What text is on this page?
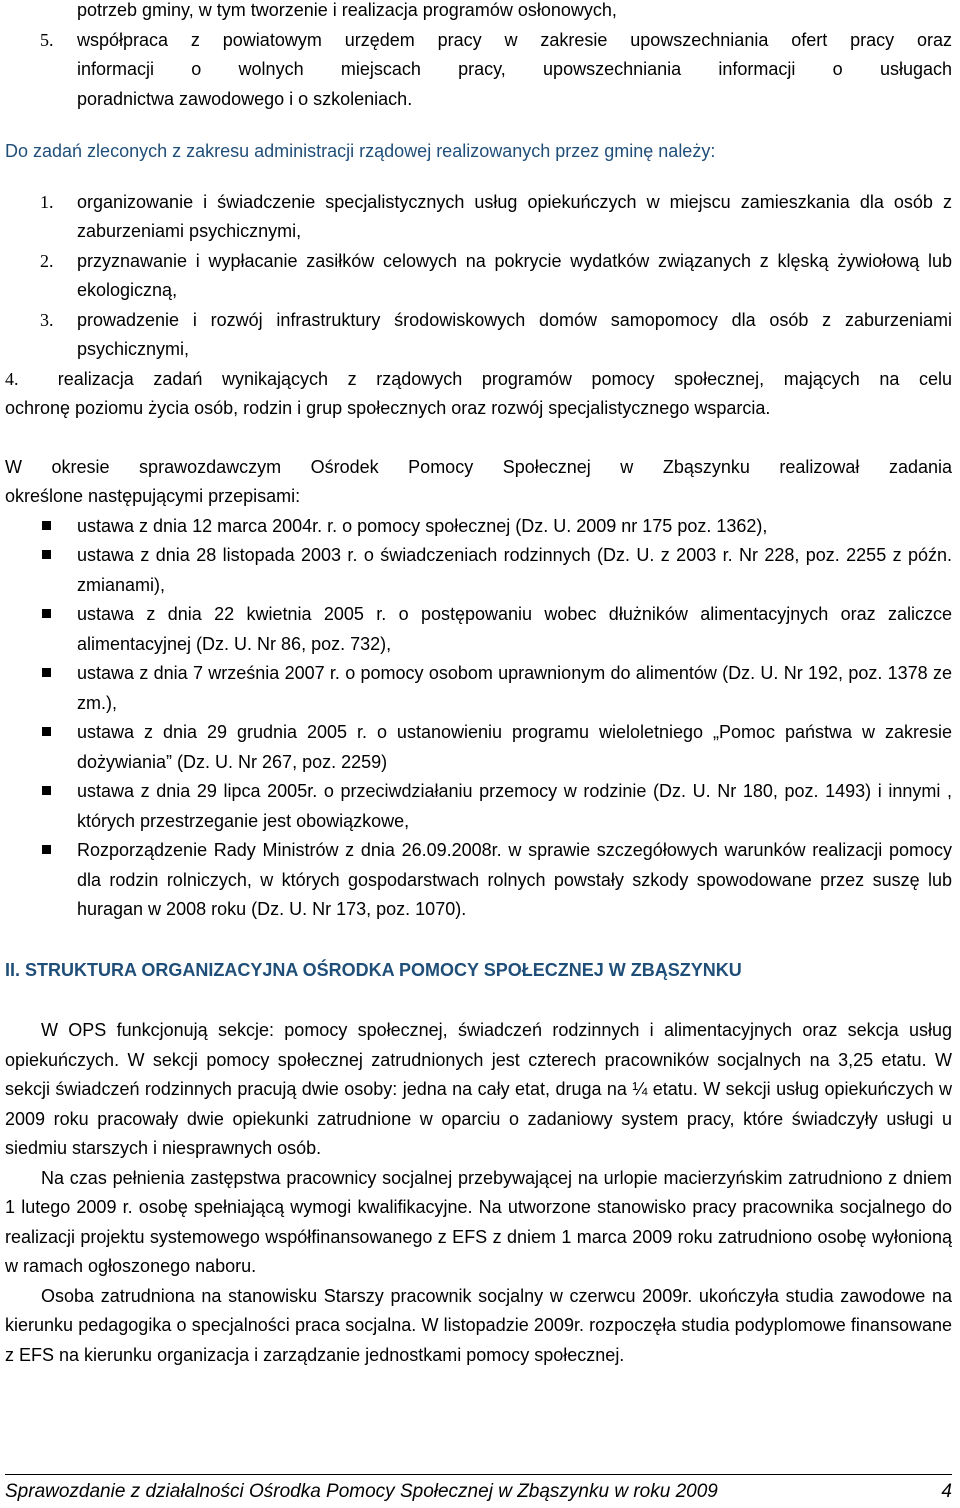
potrzeb gminy, w tym tworzenie i realizacja programów osłonowych,

5.	współpraca z powiatowym urzędem pracy w zakresie upowszechniania ofert pracy oraz

informacji o wolnych miejscach pracy, upowszechniania informacji o usługach

poradnictwa zawodowego i o szkoleniach.

Do zadań zleconych z zakresu administracji rządowej realizowanych przez gminę należy:

1. organizowanie i świadczenie specjalistycznych usług opiekuńczych w miejscu zamieszkania dla osób z zaburzeniami psychicznymi,
2. przyznawanie i wypłacanie zasiłków celowych na pokrycie wydatków związanych z klęską żywiołową lub ekologiczną,
3. prowadzenie i rozwój infrastruktury środowiskowych domów samopomocy dla osób z zaburzeniami psychicznymi,

4. realizacja zadań wynikających z rządowych programów pomocy społecznej, mających na celu

ochronę poziomu życia osób, rodzin i grup społecznych oraz rozwój specjalistycznego wsparcia.

W okresie sprawozdawczym Ośrodek Pomocy Społecznej w Zbąszynku realizował zadania

określone następującymi przepisami:

ustawa z dnia 12 marca 2004r. r. o pomocy społecznej (Dz. U. 2009 nr 175 poz. 1362),
ustawa z dnia 28 listopada 2003 r. o świadczeniach rodzinnych (Dz. U. z 2003 r. Nr 228, poz. 2255 z późn. zmianami),
ustawa z dnia 22 kwietnia 2005 r. o postępowaniu wobec dłużników alimentacyjnych oraz zaliczce alimentacyjnej (Dz. U. Nr 86, poz. 732),
ustawa z dnia 7 września 2007 r. o pomocy osobom uprawnionym do alimentów (Dz. U. Nr 192, poz. 1378 ze zm.),
ustawa z dnia 29 grudnia 2005 r. o ustanowieniu programu wieloletniego „Pomoc państwa w zakresie dożywiania” (Dz. U. Nr 267, poz. 2259)
ustawa z dnia 29 lipca 2005r. o przeciwdziałaniu przemocy w rodzinie (Dz. U. Nr 180, poz. 1493) i innymi , których przestrzeganie jest obowiązkowe,
Rozporządzenie Rady Ministrów z dnia 26.09.2008r. w sprawie szczegółowych warunków realizacji pomocy dla rodzin rolniczych, w których gospodarstwach rolnych powstały szkody spowodowane przez suszę lub huragan w 2008 roku (Dz. U. Nr 173, poz. 1070).

II. STRUKTURA ORGANIZACYJNA OŚRODKA POMOCY SPOŁECZNEJ W ZBĄSZYNKU

W OPS funkcjonują sekcje: pomocy społecznej, świadczeń rodzinnych i alimentacyjnych oraz sekcja usług opiekuńczych. W sekcji pomocy społecznej zatrudnionych jest czterech pracowników socjalnych na 3,25 etatu. W sekcji świadczeń rodzinnych pracują dwie osoby: jedna na cały etat, druga na ¼ etatu. W sekcji usług opiekuńczych w 2009 roku pracowały dwie opiekunki zatrudnione w oparciu o zadaniowy system pracy, które świadczyły usługi u siedmiu starszych i niesprawnych osób.

Na czas pełnienia zastępstwa pracownicy socjalnej przebywającej na urlopie macierzyńskim zatrudniono z dniem 1 lutego 2009 r. osobę spełniającą wymogi kwalifikacyjne. Na utworzone stanowisko pracy pracownika socjalnego do realizacji projektu systemowego współfinansowanego z EFS z dniem 1 marca 2009 roku zatrudniono osobę wyłonioną w ramach ogłoszonego naboru.

Osoba zatrudniona na stanowisku Starszy pracownik socjalny w czerwcu 2009r. ukończyła studia zawodowe na kierunku pedagogika o specjalności praca socjalna. W listopadzie 2009r. rozpoczęła studia podyplomowe finansowane z EFS na kierunku organizacja i zarządzanie jednostkami pomocy społecznej.

Sprawozdanie z działalności Ośrodka Pomocy Społecznej w Zbąszynku w roku 2009	4
